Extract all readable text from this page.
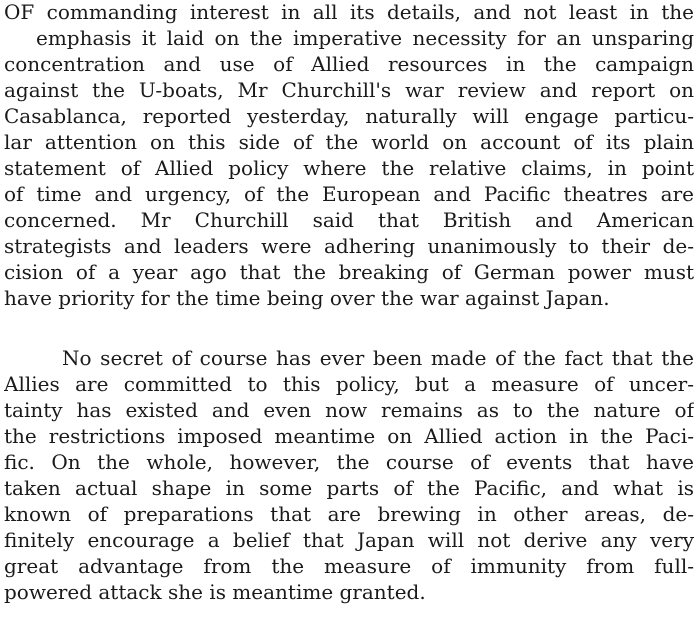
OF commanding interest in all its details, and not least in the
emphasis it laid on the imperative necessity for an unsparing
concentration and use of Allied resources in the campaign
against the U-boats, Mr Churchill's war review and report on
Casablanca, reported yesterday, naturally will engage particu-
lar attention on this side of the world on account of its plain
statement of Allied policy where the relative claims, in point
of time and urgency, of the European and Pacific theatres are
concerned. Mr Churchill said that British and American
strategists and leaders were adhering unanimously to their de-
cision of a year ago that the breaking of German power must
have priority for the time being over the war against Japan.
No secret of course has ever been made of the fact that the
Allies are committed to this policy, but a measure of uncer-
tainty has existed and even now remains as to the nature of
the restrictions imposed meantime on Allied action in the Paci-
fic. On the whole, however, the course of events that have
taken actual shape in some parts of the Pacific, and what is
known of preparations that are brewing in other areas, de-
finitely encourage a belief that Japan will not derive any very
great advantage from the measure of immunity from full-
powered attack she is meantime granted.
